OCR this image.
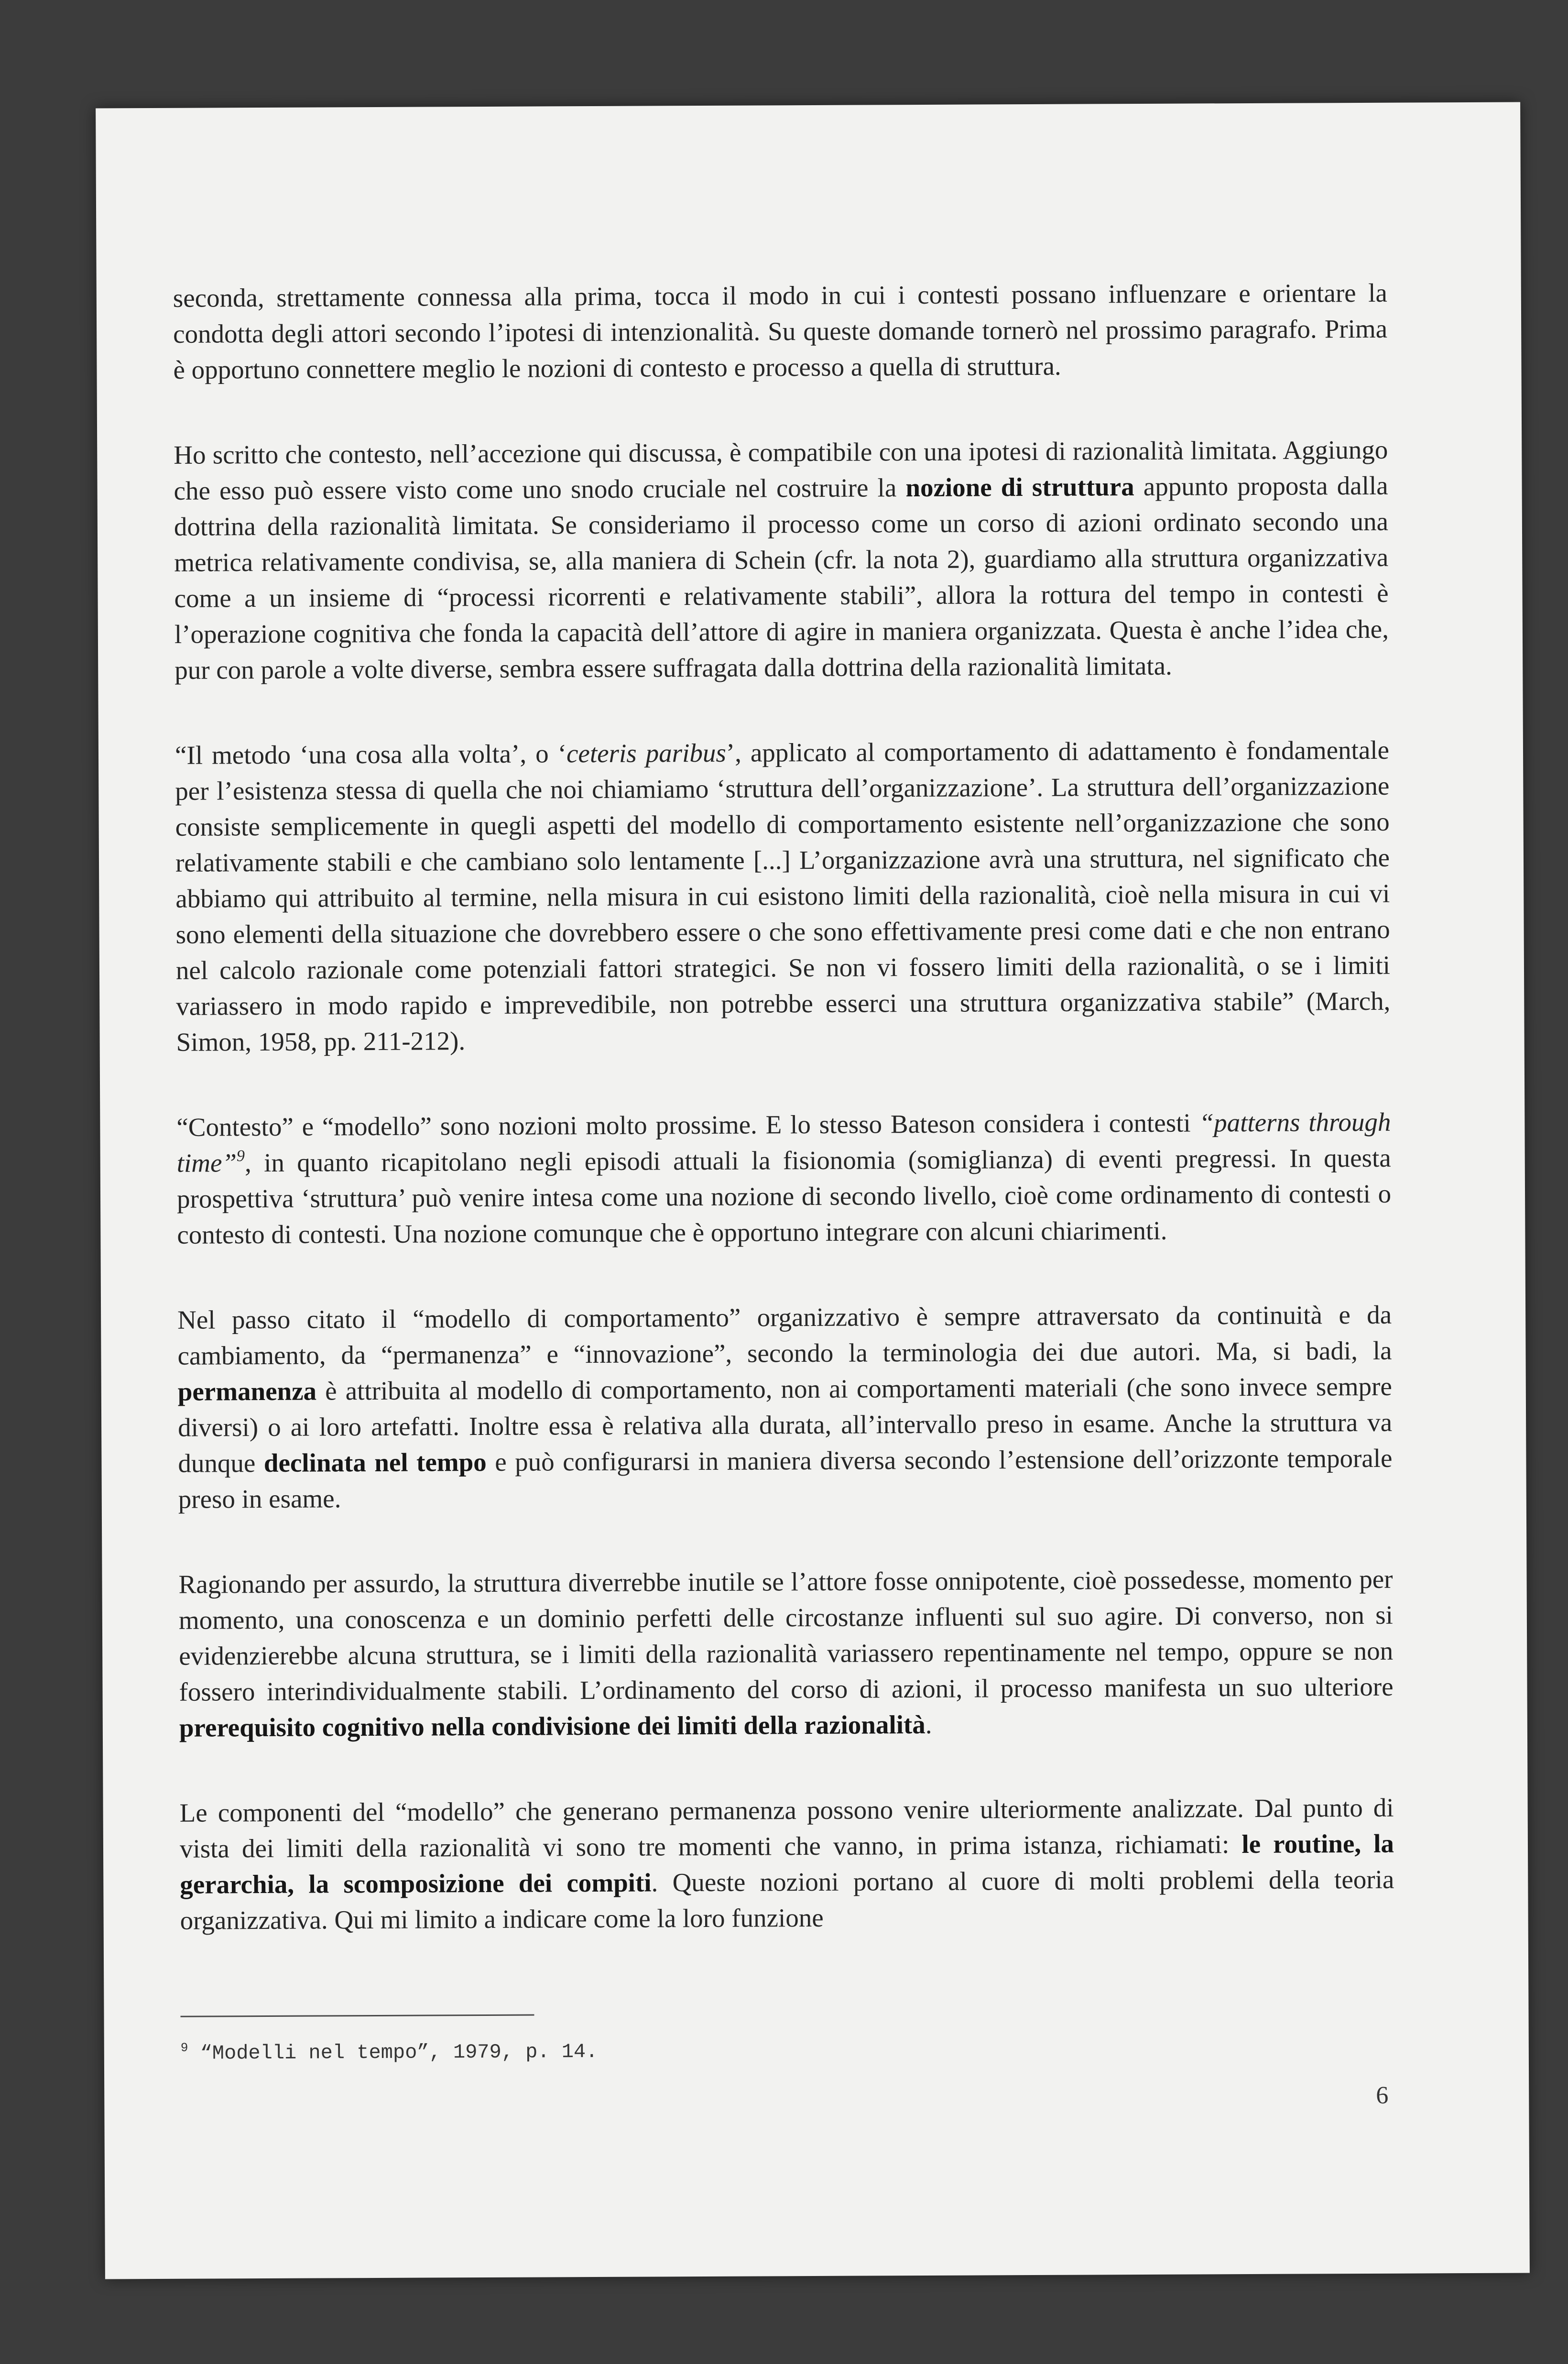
seconda, strettamente connessa alla prima, tocca il modo in cui i contesti possano influenzare e orientare la condotta degli attori secondo l’ipotesi di intenzionalità. Su queste domande tornerò nel prossimo paragrafo. Prima è opportuno connettere meglio le nozioni di contesto e processo a quella di struttura.

Ho scritto che contesto, nell’accezione qui discussa, è compatibile con una ipotesi di razionalità limitata. Aggiungo che esso può essere visto come uno snodo cruciale nel costruire la nozione di struttura appunto proposta dalla dottrina della razionalità limitata. Se consideriamo il processo come un corso di azioni ordinato secondo una metrica relativamente condivisa, se, alla maniera di Schein (cfr. la nota 2), guardiamo alla struttura organizzativa come a un insieme di “processi ricorrenti e relativamente stabili”, allora la rottura del tempo in contesti è l’operazione cognitiva che fonda la capacità dell’attore di agire in maniera organizzata. Questa è anche l’idea che, pur con parole a volte diverse, sembra essere suffragata dalla dottrina della razionalità limitata.

“Il metodo ‘una cosa alla volta’, o ‘ceteris paribus’, applicato al comportamento di adattamento è fondamentale per l’esistenza stessa di quella che noi chiamiamo ‘struttura dell’organizzazione’. La struttura dell’organizzazione consiste semplicemente in quegli aspetti del modello di comportamento esistente nell’organizzazione che sono relativamente stabili e che cambiano solo lentamente [...] L’organizzazione avrà una struttura, nel significato che abbiamo qui attribuito al termine, nella misura in cui esistono limiti della razionalità, cioè nella misura in cui vi sono elementi della situazione che dovrebbero essere o che sono effettivamente presi come dati e che non entrano nel calcolo razionale come potenziali fattori strategici. Se non vi fossero limiti della razionalità, o se i limiti variassero in modo rapido e imprevedibile, non potrebbe esserci una struttura organizzativa stabile” (March, Simon, 1958, pp. 211-212).

“Contesto” e “modello” sono nozioni molto prossime. E lo stesso Bateson considera i contesti “patterns through time”$^9$, in quanto ricapitolano negli episodi attuali la fisionomia (somiglianza) di eventi pregressi. In questa prospettiva ‘struttura’ può venire intesa come una nozione di secondo livello, cioè come ordinamento di contesti o contesto di contesti. Una nozione comunque che è opportuno integrare con alcuni chiarimenti.

Nel passo citato il “modello di comportamento” organizzativo è sempre attraversato da continuità e da cambiamento, da “permanenza” e “innovazione”, secondo la terminologia dei due autori. Ma, si badi, la permanenza è attribuita al modello di comportamento, non ai comportamenti materiali (che sono invece sempre diversi) o ai loro artefatti. Inoltre essa è relativa alla durata, all’intervallo preso in esame. Anche la struttura va dunque declinata nel tempo e può configurarsi in maniera diversa secondo l’estensione dell’orizzonte temporale preso in esame.

Ragionando per assurdo, la struttura diverrebbe inutile se l’attore fosse onnipotente, cioè possedesse, momento per momento, una conoscenza e un dominio perfetti delle circostanze influenti sul suo agire. Di converso, non si evidenzierebbe alcuna struttura, se i limiti della razionalità variassero repentinamente nel tempo, oppure se non fossero interindividualmente stabili. L’ordinamento del corso di azioni, il processo manifesta un suo ulteriore prerequisito cognitivo nella condivisione dei limiti della razionalità.

Le componenti del “modello” che generano permanenza possono venire ulteriormente analizzate. Dal punto di vista dei limiti della razionalità vi sono tre momenti che vanno, in prima istanza, richiamati: le routine, la gerarchia, la scomposizione dei compiti. Queste nozioni portano al cuore di molti problemi della teoria organizzativa. Qui mi limito a indicare come la loro funzione

$^9$ “Modelli nel tempo”, 1979, p. 14.
6
